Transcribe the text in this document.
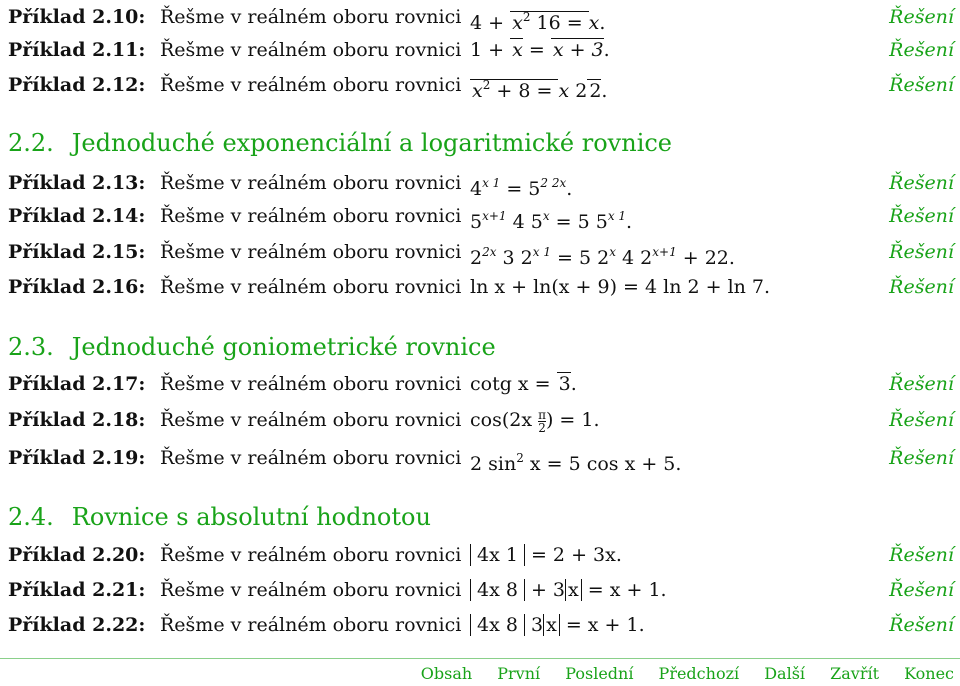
Příklad 2.10: Řešme v reálném oboru rovnici $4 + x^2$ 16 = x.	Řešení
Příklad 2.11: Řešme v reálném oboru rovnici 1 + x = x + 3.	Řešení
Příklad 2.12: Řešme v reálném oboru rovnici $x^2 + 8 = x$ 2 2.	Řešení
2.2. Jednoduché exponenciální a logaritmické rovnice
Příklad 2.13: Řešme v reálném oboru rovnici $4^{x 1} = 5^{2 2x}$.	Řešení
Příklad 2.14: Řešme v reálném oboru rovnici $5^{x+1}$ 4 $5^x = 5$ $5^{x 1}$.	Řešení
Příklad 2.15: Řešme v reálném oboru rovnici $2^{2x}$ 3 $2^{x 1} = 5$ 2$^x$ 4 $2^{x+1} + 22$.	Řešení
Příklad 2.16: Řešme v reálném oboru rovnici ln x + ln(x + 9) = 4 ln 2 + ln 7.	Řešení
2.3. Jednoduché goniometrické rovnice
Příklad 2.17: Řešme v reálném oboru rovnici cotg x = 3.	Řešení
Příklad 2.18: Řešme v reálném oboru rovnici $\cos(2x \frac{\pi}{2}$ ) = 1.	Řešení
Příklad 2.19: Řešme v reálném oboru rovnici 2 $\sin^2 x = 5$ cos x + 5.	Řešení
2.4. Rovnice s absolutní hodnotou
Příklad 2.20: Řešme v reálném oboru rovnici 4x 1 = 2 + 3x.	Řešení
Příklad 2.21: Řešme v reálném oboru rovnici 4x 8 + 3 x = x + 1.	Řešení
Příklad 2.22: Řešme v reálném oboru rovnici 4x 8 3 x = x + 1.	Řešení
Obsah První Poslední Předchozí Další Zavřít Konec
